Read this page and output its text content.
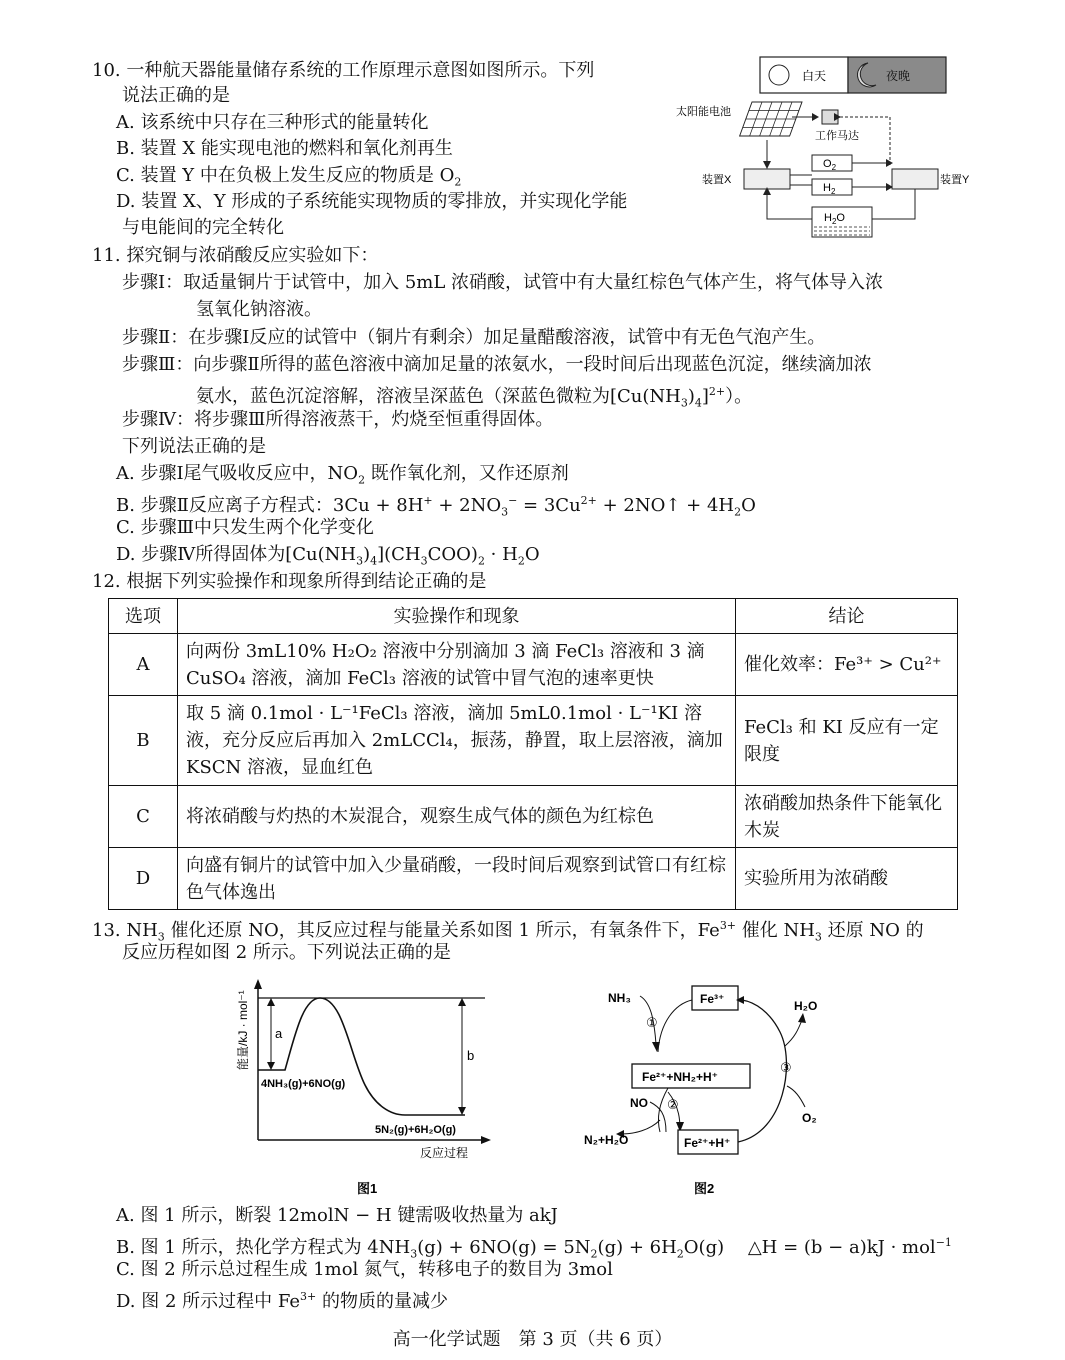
10. 一种航天器能量储存系统的工作原理示意图如图所示。下列
说法正确的是
A. 该系统中只存在三种形式的能量转化
B. 装置 X 能实现电池的燃料和氧化剂再生
C. 装置 Y 中在负极上发生反应的物质是 $O_2$
D. 装置 X、Y 形成的子系统能实现物质的零排放，并实现化学能
与电能间的完全转化
白天	夜晚
太阳能电池
工作马达
装置X	装置Y
$O_2$
$H_2$
$H_2O$
11. 探究铜与浓硝酸反应实验如下：
步骤Ⅰ：取适量铜片于试管中，加入 5mL 浓硝酸，试管中有大量红棕色气体产生，将气体导入浓
氢氧化钠溶液。
步骤Ⅱ：在步骤Ⅰ反应的试管中（铜片有剩余）加足量醋酸溶液，试管中有无色气泡产生。
步骤Ⅲ：向步骤Ⅱ所得的蓝色溶液中滴加足量的浓氨水，一段时间后出现蓝色沉淀，继续滴加浓
氨水，蓝色沉淀溶解，溶液呈深蓝色（深蓝色微粒为$[Cu(NH_3)_4]^{2+}$）。
步骤Ⅳ：将步骤Ⅲ所得溶液蒸干，灼烧至恒重得固体。
下列说法正确的是
A. 步骤Ⅰ尾气吸收反应中，$NO_2$ 既作氧化剂，又作还原剂
B. 步骤Ⅱ反应离子方程式：$3Cu + 8H^+ + 2NO_3^- = 3Cu^{2+}$ + 2NO↑ + $4H_2O$
C. 步骤Ⅲ中只发生两个化学变化
D. 步骤Ⅳ所得固体为$[Cu(NH_3)_4](CH_3COO)_2 \cdot H_2O$
12. 根据下列实验操作和现象所得到结论正确的是
选项	实验操作和现象	结论
A	向两份 3mL10% H₂O₂ 溶液中分别滴加 3 滴 FeCl₃ 溶液和 3 滴 CuSO₄ 溶液，滴加 FeCl₃ 溶液的试管中冒气泡的速率更快	催化效率：Fe³⁺ > Cu²⁺
B	取 5 滴 0.1mol · L⁻¹FeCl₃ 溶液，滴加 5mL0.1mol · L⁻¹KI 溶液，充分反应后再加入 2mLCCl₄，振荡，静置，取上层溶液，滴加 KSCN 溶液，显血红色	FeCl₃ 和 KI 反应有一定限度
C	将浓硝酸与灼热的木炭混合，观察生成气体的颜色为红棕色	浓硝酸加热条件下能氧化木炭
D	向盛有铜片的试管中加入少量硝酸，一段时间后观察到试管口有红棕色气体逸出	实验所用为浓硝酸
13. $NH_3$ 催化还原 NO，其反应过程与能量关系如图 1 所示，有氧条件下，$Fe^{3+}$ 催化 $NH_3$ 还原 NO 的
反应历程如图 2 所示。下列说法正确的是
能量/kJ · mol⁻¹ a
b
4NH₃(g)+6NO(g)
5N₂(g)+6H₂O(g)
反应过程
图1
NH₃	Fe³⁺
①
Fe²⁺+NH₂+H⁺
NO ②
N₂+H₂O	Fe²⁺+H⁺
③
H₂O
O₂
图2
A. 图 1 所示，断裂 12molN − H 键需吸收热量为 akJ
B. 图 1 所示，热化学方程式为 $4NH_3(g) + 6NO(g) = 5N_2(g) + 6H_2O(g)$　 △H = (b − a)kJ · mol$^{-1}$
C. 图 2 所示总过程生成 1mol 氮气，转移电子的数目为 3mol
D. 图 2 所示过程中 $Fe^{3+}$ 的物质的量减少
高一化学试题　第 3 页（共 6 页）
